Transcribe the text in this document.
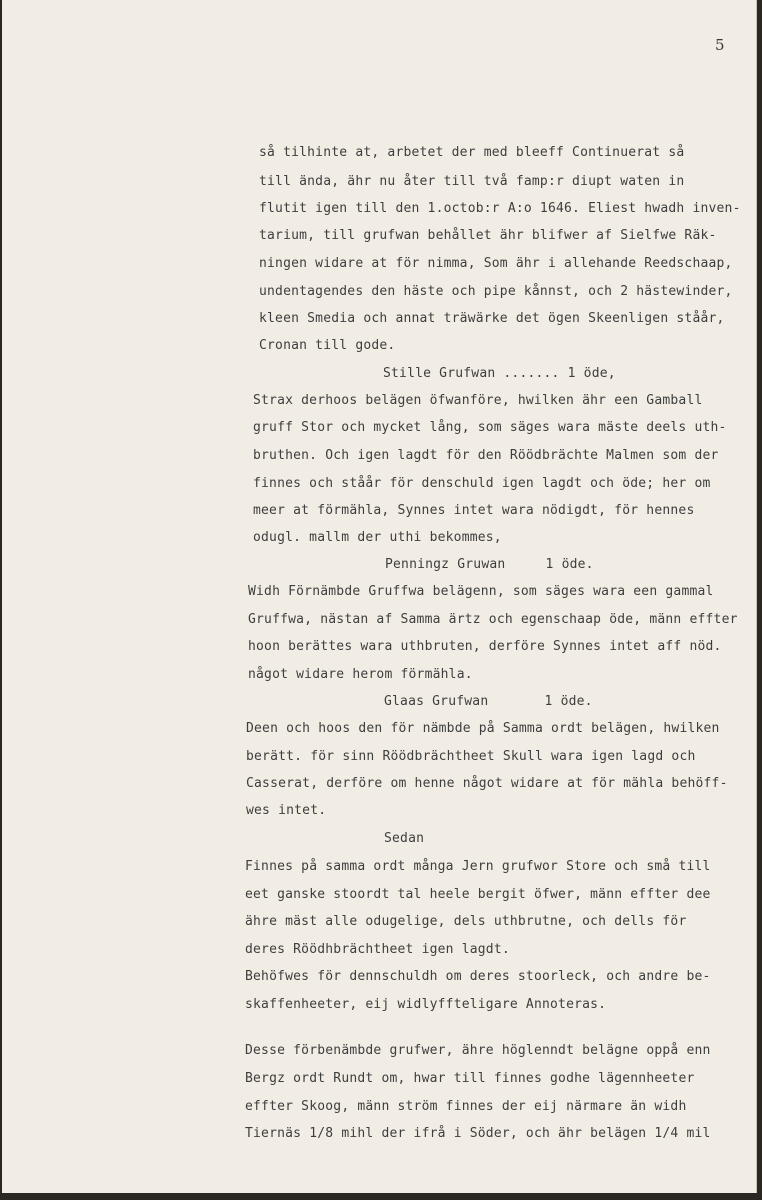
5
så tilhinte at, arbetet der med bleeff Continuerat så
till ända, ähr nu åter till två famp:r diupt waten in
flutit igen till den 1.octob:r A:o 1646. Eliest hwadh inven-
tarium, till grufwan behållet ähr blifwer af Sielfwe Räk-
ningen widare at för nimma, Som ähr i allehande Reedschaap,
undentagendes den häste och pipe kånnst, och 2 hästewinder,
kleen Smedia och annat träwärke det ögen Skeenligen ståår,
Cronan till gode.
Stille Grufwan ....... 1 öde,
Strax derhoos belägen öfwanföre, hwilken ähr een Gamball
gruff Stor och mycket lång, som säges wara mäste deels uth-
bruthen. Och igen lagdt för den Röödbrächte Malmen som der
finnes och ståår för denschuld igen lagdt och öde; her om
meer at förmähla, Synnes intet wara nödigdt, för hennes
odugl. mallm der uthi bekommes,
Penningz Gruwan     1 öde.
Widh Förnämbde Gruffwa belägenn, som säges wara een gammal
Gruffwa, nästan af Samma ärtz och egenschaap öde, männ effter
hoon berättes wara uthbruten, derföre Synnes intet aff nöd.
något widare herom förmähla.
Glaas Grufwan       1 öde.
Deen och hoos den för nämbde på Samma ordt belägen, hwilken
berätt. för sinn Röödbrächtheet Skull wara igen lagd och
Casserat, derföre om henne något widare at för mähla behöff-
wes intet.
Sedan
Finnes på samma ordt många Jern grufwor Store och små till
eet ganske stoordt tal heele bergit öfwer, männ effter dee
ähre mäst alle odugelige, dels uthbrutne, och dells för
deres Röödhbrächtheet igen lagdt.
Behöfwes för dennschuldh om deres stoorleck, och andre be-
skaffenheeter, eij widlyffteligare Annoteras.
Desse förbenämbde grufwer, ähre höglenndt belägne oppå enn
Bergz ordt Rundt om, hwar till finnes godhe lägennheeter
effter Skoog, männ ström finnes der eij närmare än widh
Tiernäs 1/8 mihl der ifrå i Söder, och ähr belägen 1/4 mil
